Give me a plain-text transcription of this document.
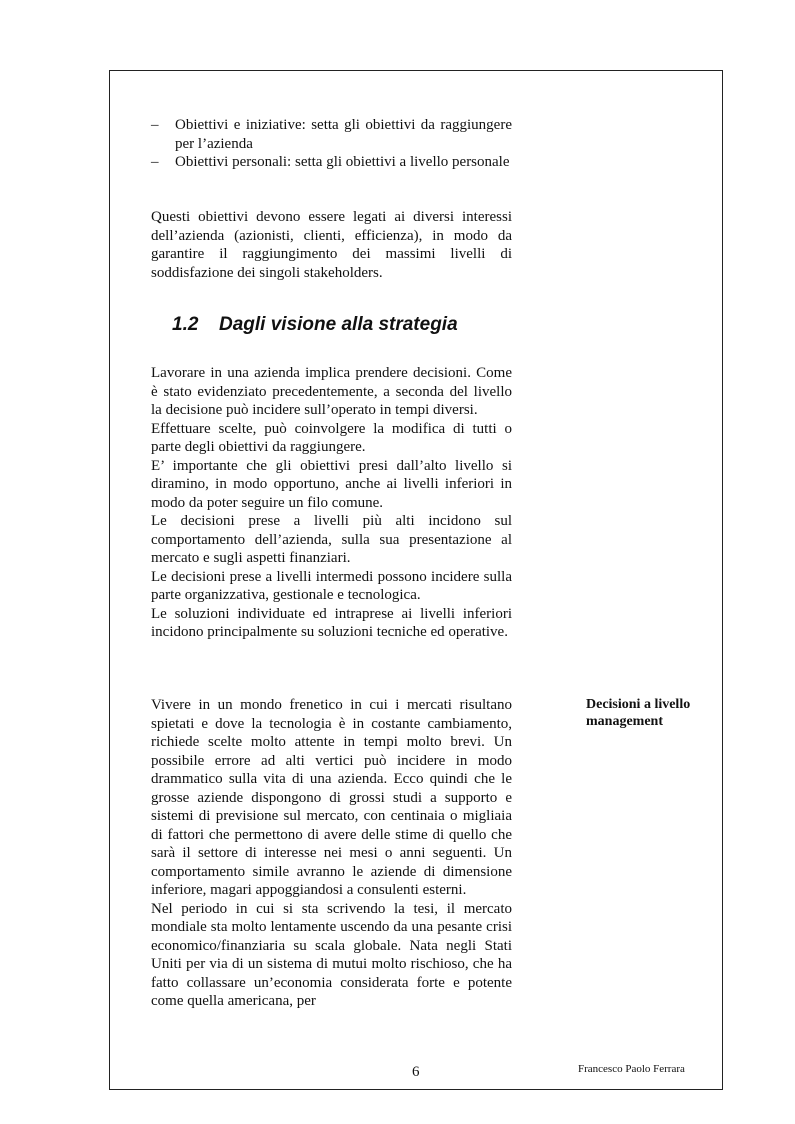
– Obiettivi e iniziative: setta gli obiettivi da raggiungere per l’azienda
– Obiettivi personali: setta gli obiettivi a livello personale

Questi obiettivi devono essere legati ai diversi interessi dell’azienda (azionisti, clienti, efficienza), in modo da garantire il raggiungimento dei massimi livelli di soddisfazione dei singoli stakeholders.

1.2 Dagli visione alla strategia

Lavorare in una azienda implica prendere decisioni. Come è stato evidenziato precedentemente, a seconda del livello la decisione può incidere sull’operato in tempi diversi.

Effettuare scelte, può coinvolgere la modifica di tutti o parte degli obiettivi da raggiungere.

E’ importante che gli obiettivi presi dall’alto livello si diramino, in modo opportuno, anche ai livelli inferiori in modo da poter seguire un filo comune.

Le decisioni prese a livelli più alti incidono sul comportamento dell’azienda, sulla sua presentazione al mercato e sugli aspetti finanziari.

Le decisioni prese a livelli intermedi possono incidere sulla parte organizzativa, gestionale e tecnologica.

Le soluzioni individuate ed intraprese ai livelli inferiori incidono principalmente su soluzioni tecniche ed operative.

Vivere in un mondo frenetico in cui i mercati risultano spietati e dove la tecnologia è in costante cambiamento, richiede scelte molto attente in tempi molto brevi. Un possibile errore ad alti vertici può incidere in modo drammatico sulla vita di una azienda. Ecco quindi che le grosse aziende dispongono di grossi studi a supporto e sistemi di previsione sul mercato, con centinaia o migliaia di fattori che permettono di avere delle stime di quello che sarà il settore di interesse nei mesi o anni seguenti. Un comportamento simile avranno le aziende di dimensione inferiore, magari appoggiandosi a consulenti esterni.

Nel periodo in cui si sta scrivendo la tesi, il mercato mondiale sta molto lentamente uscendo da una pesante crisi economico/finanziaria su scala globale. Nata negli Stati Uniti per via di un sistema di mutui molto rischioso, che ha fatto collassare un’economia considerata forte e potente come quella americana, per

Decisioni a livello management
6	Francesco Paolo Ferrara
